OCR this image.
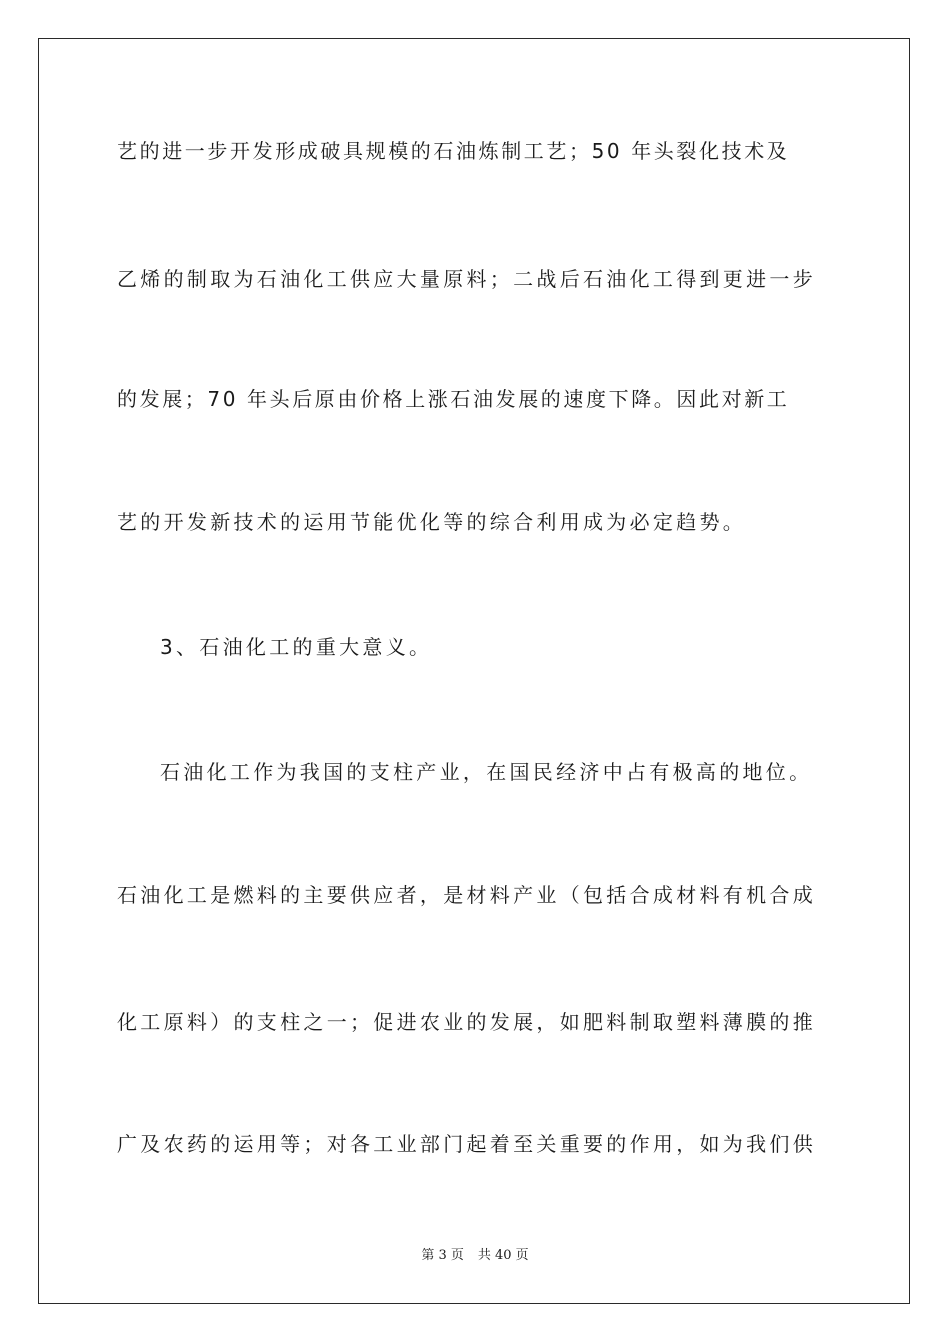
艺的进一步开发形成破具规模的石油炼制工艺；50 年头裂化技术及
乙烯的制取为石油化工供应大量原料；二战后石油化工得到更进一步
的发展；70 年头后原由价格上涨石油发展的速度下降。因此对新工
艺的开发新技术的运用节能优化等的综合利用成为必定趋势。
3、石油化工的重大意义。
石油化工作为我国的支柱产业，在国民经济中占有极高的地位。
石油化工是燃料的主要供应者，是材料产业（包括合成材料有机合成
化工原料）的支柱之一；促进农业的发展，如肥料制取塑料薄膜的推
广及农药的运用等；对各工业部门起着至关重要的作用，如为我们供
第 3 页 共 40 页
